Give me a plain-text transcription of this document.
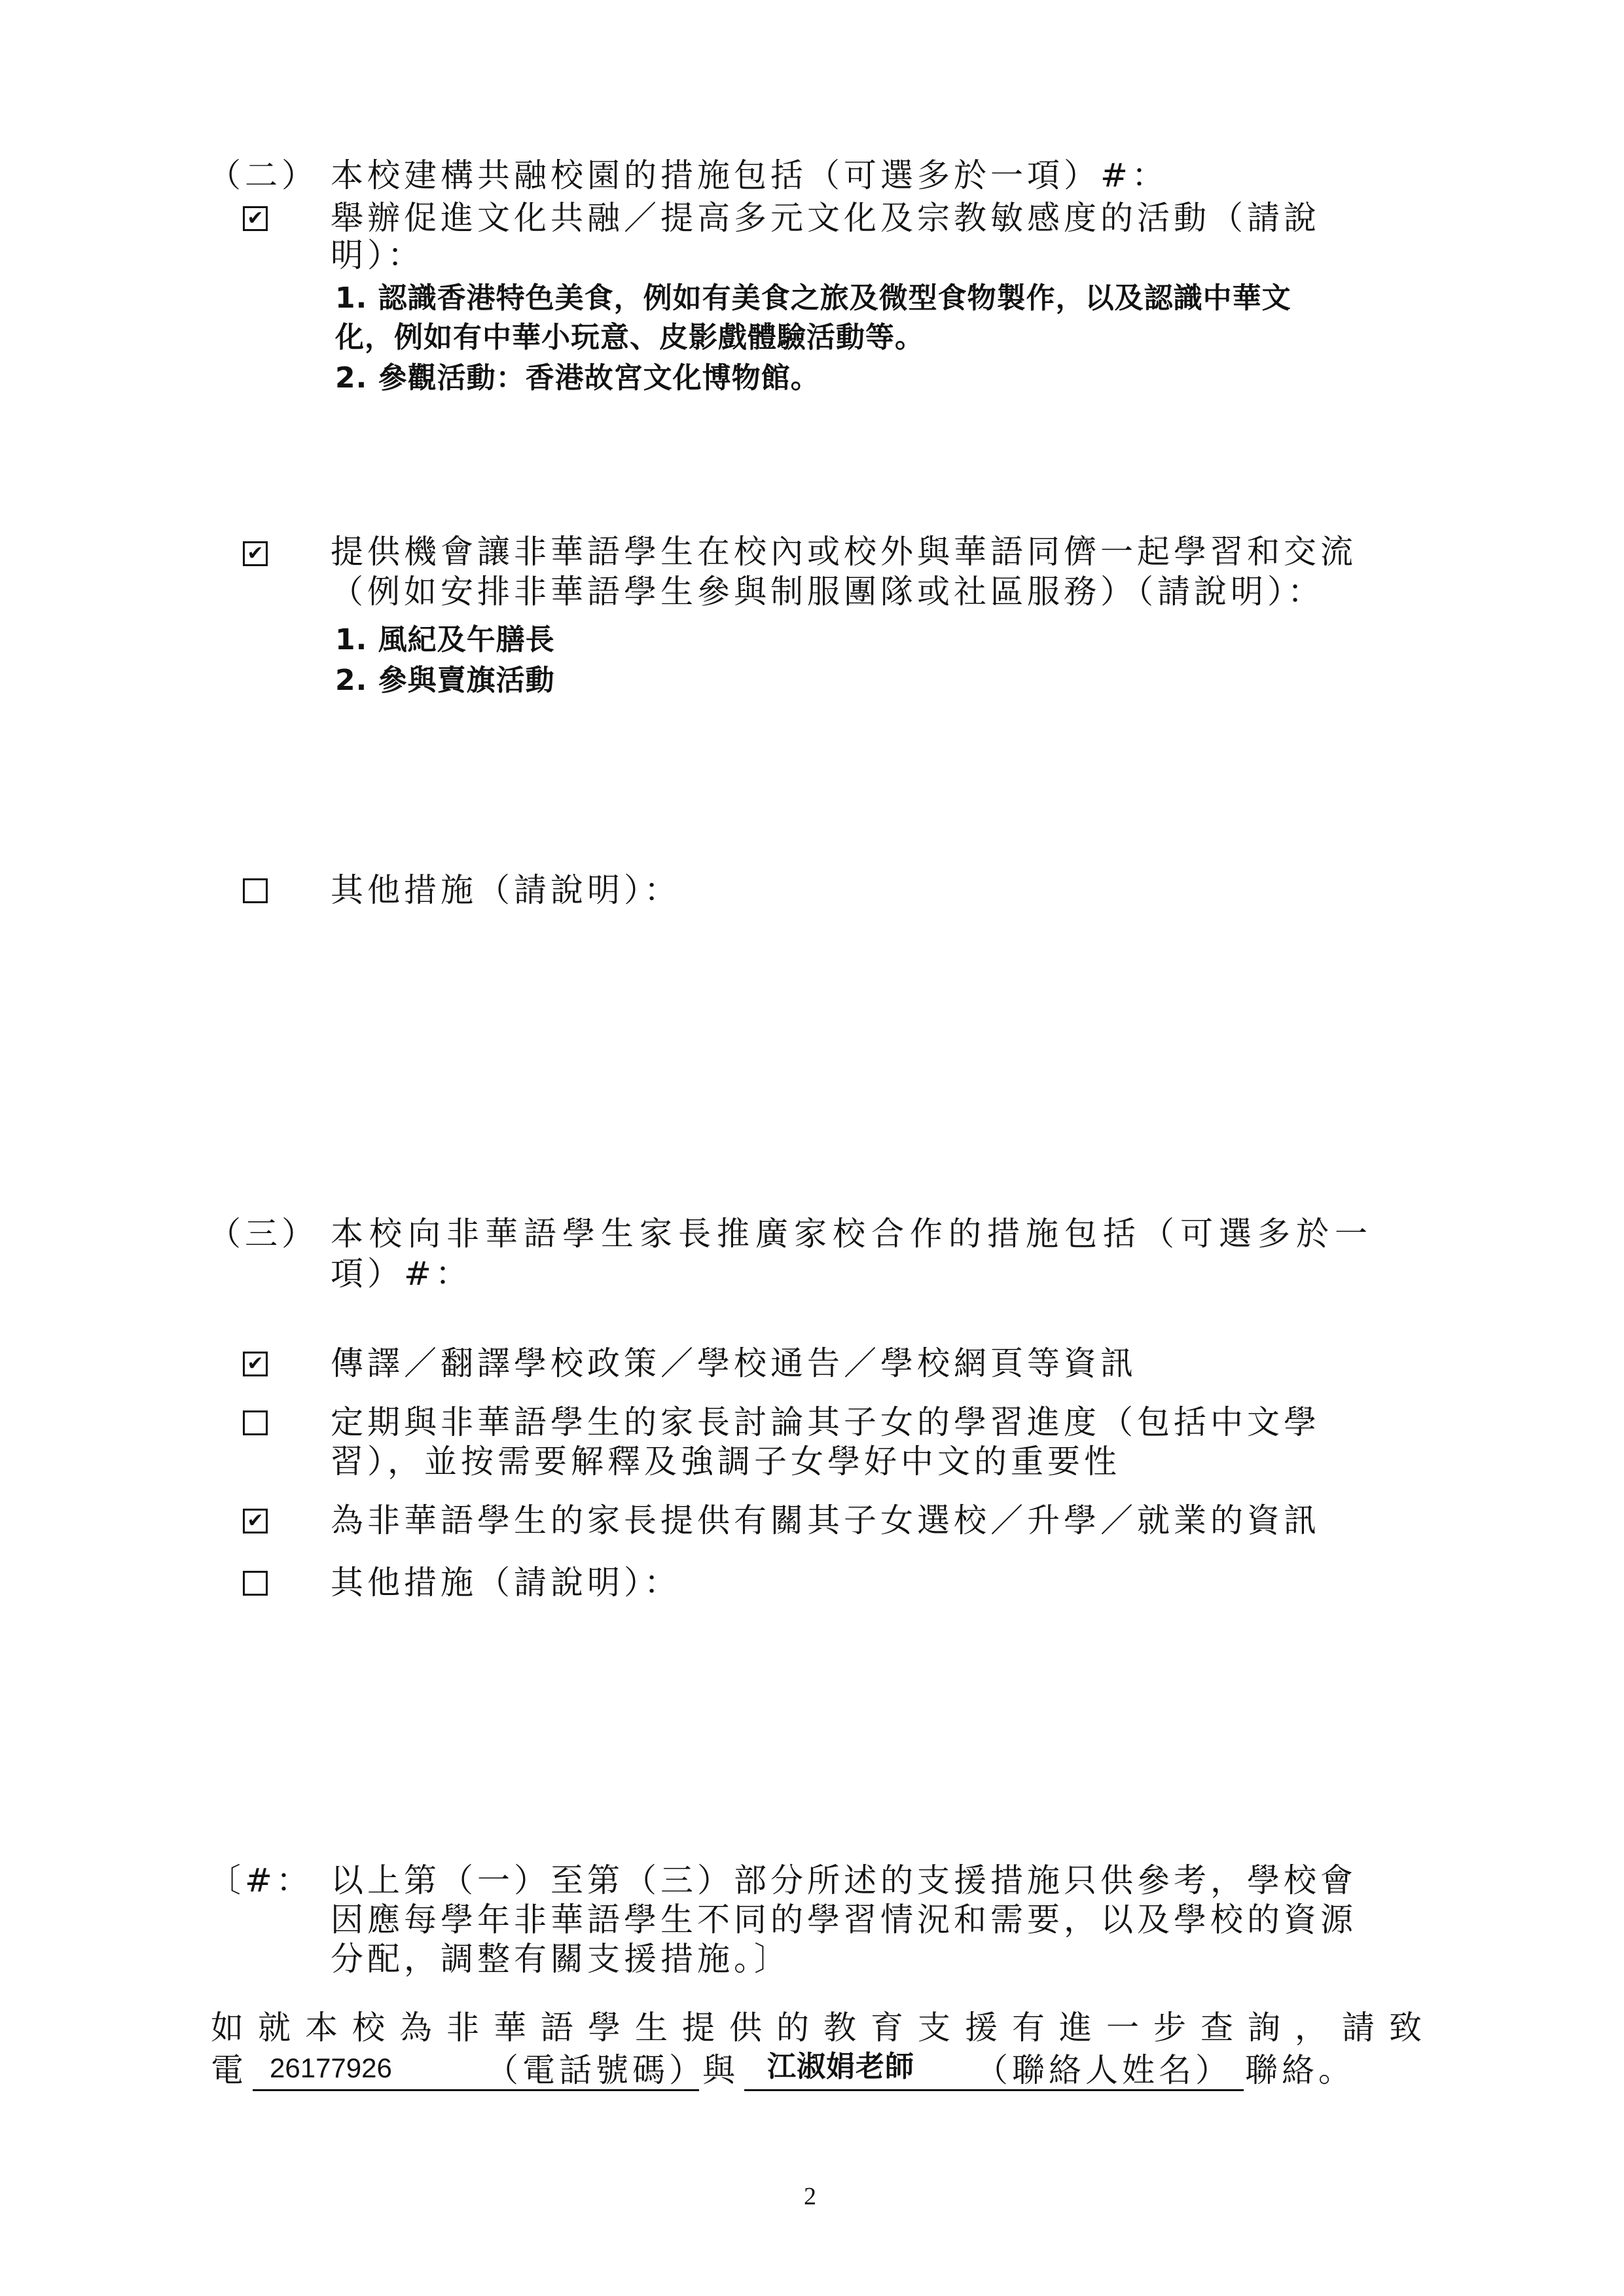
（二） 本校建構共融校園的措施包括（可選多於一項）#：
✔ 舉辦促進文化共融／提高多元文化及宗教敏感度的活動（請說
明）：
1. 認識香港特色美食，例如有美食之旅及微型食物製作，以及認識中華文
化，例如有中華小玩意、皮影戲體驗活動等。
2. 參觀活動：香港故宮文化博物館。
✔ 提供機會讓非華語學生在校內或校外與華語同儕一起學習和交流
（例如安排非華語學生參與制服團隊或社區服務）（請說明）：
1. 風紀及午膳長
2. 參與賣旗活動
其他措施（請說明）：
（三） 本校向非華語學生家長推廣家校合作的措施包括（可選多於一
項）#：
✔ 傳譯／翻譯學校政策／學校通告／學校網頁等資訊
定期與非華語學生的家長討論其子女的學習進度（包括中文學
習），並按需要解釋及強調子女學好中文的重要性
✔ 為非華語學生的家長提供有關其子女選校／升學／就業的資訊
其他措施（請說明）：
〔#： 以上第（一）至第（三）部分所述的支援措施只供參考，學校會
因應每學年非華語學生不同的學習情況和需要，以及學校的資源
分配，調整有關支援措施。〕
如就本校為非華語學生提供的教育支援有進一步查詢，請致
電 26177926	（電話號碼）
與 江淑娟老師 （聯絡人姓名） 聯絡。
2
